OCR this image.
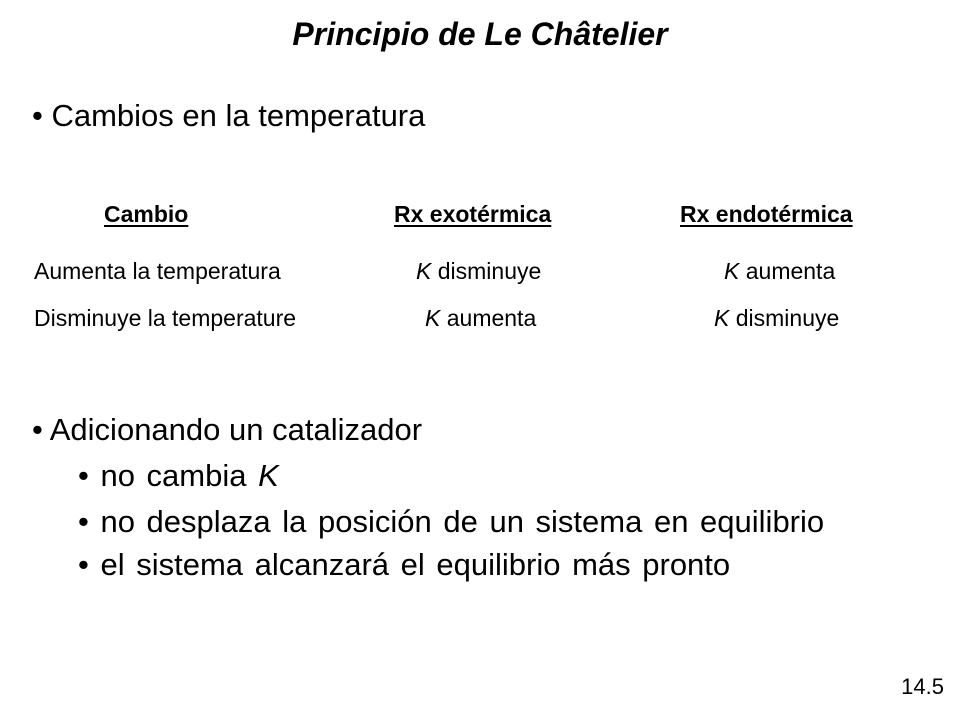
Principio de Le Châtelier
• Cambios en la temperatura
Cambio	Rx exotérmica	Rx endotérmica
Aumenta la temperatura	K disminuye	K aumenta
Disminuye la temperature	K aumenta	K disminuye
• Adicionando un catalizador
• no cambia K
• no desplaza la posición de un sistema en equilibrio
• el sistema alcanzará el equilibrio más pronto
14.5
